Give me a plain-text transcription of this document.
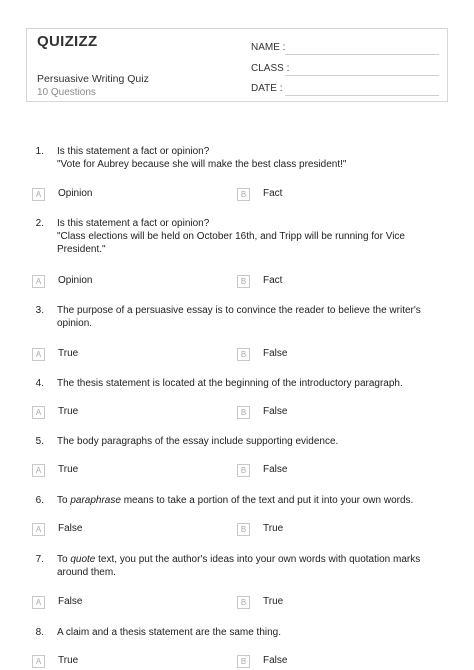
QUIZIZZ
Persuasive Writing Quiz
10 Questions
NAME :
CLASS :
DATE :
1. Is this statement a fact or opinion?
"Vote for Aubrey because she will make the best class president!"
A	Opinion	B	Fact
2. Is this statement a fact or opinion?
"Class elections will be held on October 16th, and Tripp will be running for Vice President."
A	Opinion	B	Fact
3. The purpose of a persuasive essay is to convince the reader to believe the writer's opinion.
A	True	B	False
4. The thesis statement is located at the beginning of the introductory paragraph.
A	True	B	False
5. The body paragraphs of the essay include supporting evidence.
A	True	B	False
6. To paraphrase means to take a portion of the text and put it into your own words.
A	False	B	True
7. To quote text, you put the author's ideas into your own words with quotation marks around them.
A	False	B	True
8. A claim and a thesis statement are the same thing.
A	True	B	False
